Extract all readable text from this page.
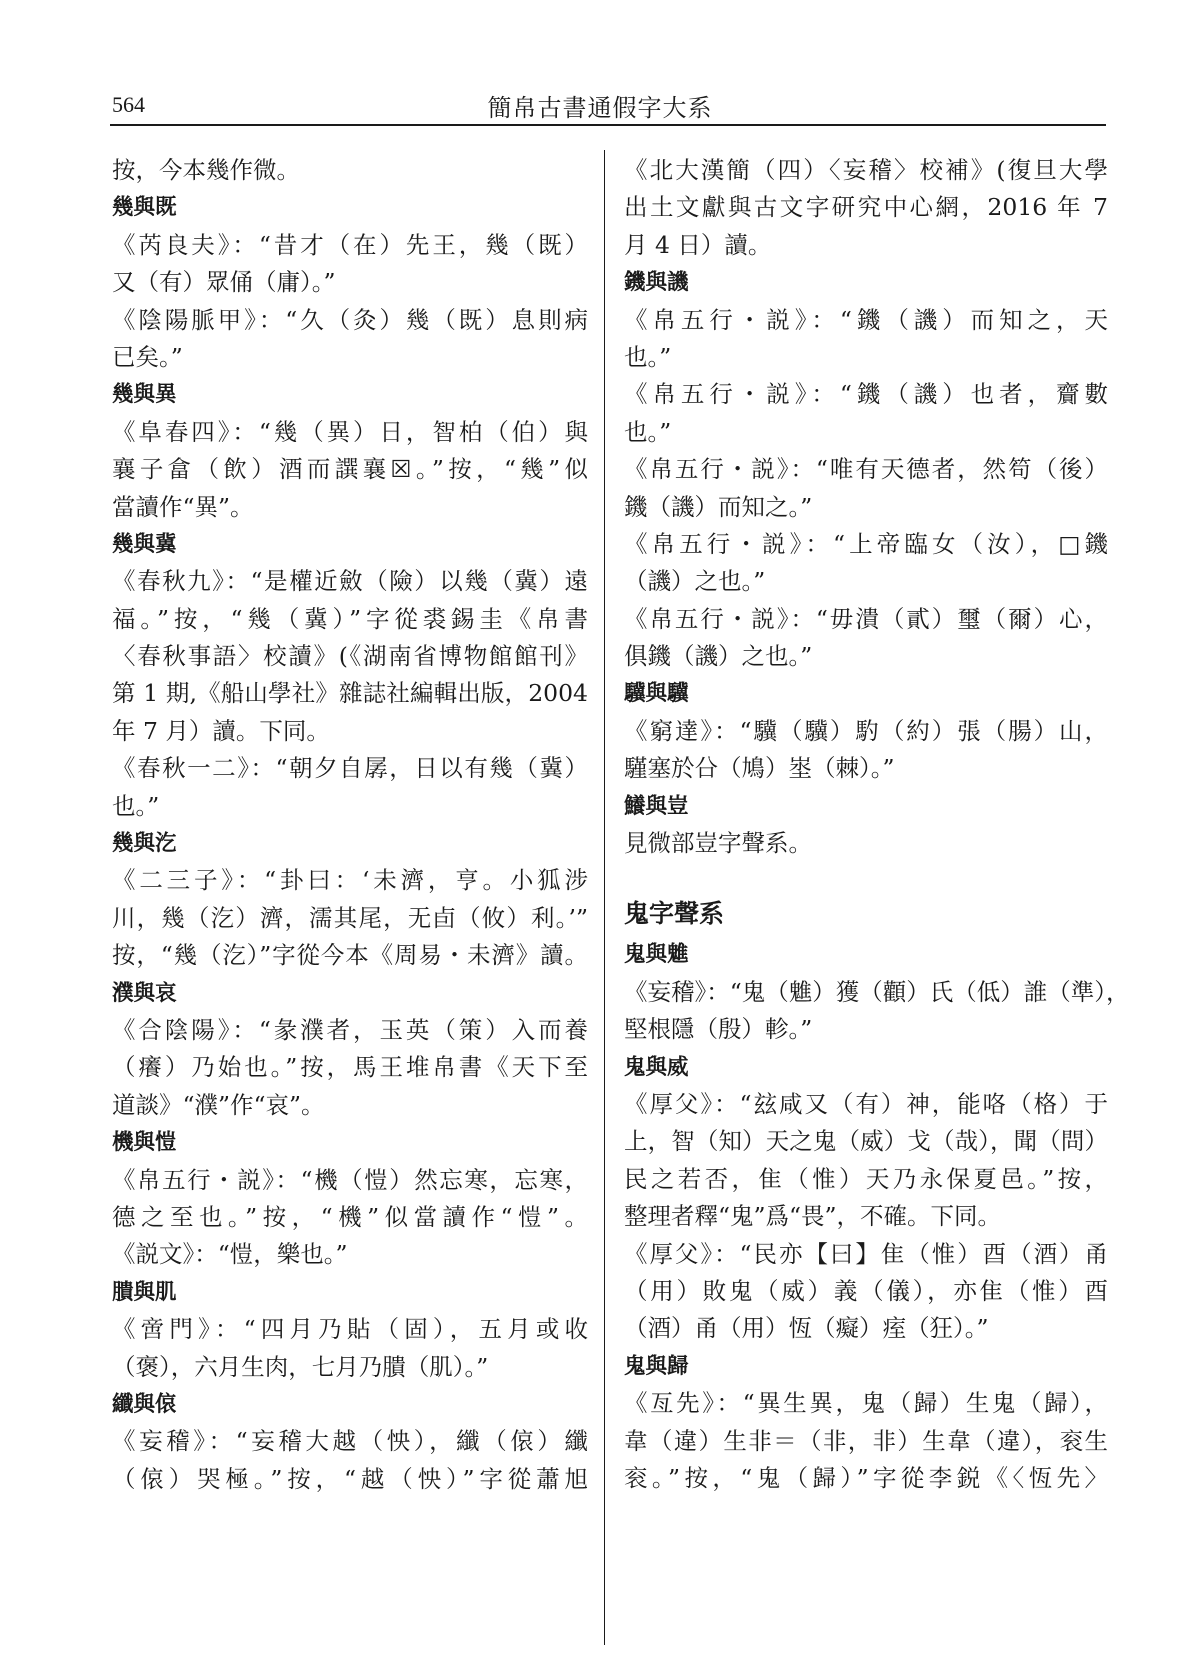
564	簡帛古書通假字大系
按，今本幾作微。
幾與既
《芮良夫》：“昔才（在）先王，幾（既）
又（有）眾俑（庸）。”
《陰陽脈甲》：“久（灸）幾（既）息則病
已矣。”
幾與異
《阜春四》：“幾（異）日，智柏（伯）與
襄子畣（飲）酒而譔襄☒。”按，“幾”似
當讀作“異”。
幾與冀
《春秋九》：“是權近斂（險）以幾（冀）遠
福。”按，“幾（冀）”字從裘錫圭《帛書
〈春秋事語〉校讀》(《湖南省博物館館刊》
第 1 期,《船山學社》雜誌社編輯出版，2004
年 7 月）讀。下同。
《春秋一二》：“朝夕自孱，日以有幾（冀）
也。”
幾與汔
《二三子》：“卦曰：‘未濟，亨。小狐涉
川，幾（汔）濟，濡其尾，无卣（攸）利。’”
按，“幾（汔）”字從今本《周易・未濟》讀。
濮與哀
《合陰陽》：“彖濮者，玉英（策）入而養
（癢）乃始也。”按，馬王堆帛書《天下至
道談》“濮”作“哀”。
機與愷
《帛五行・説》：“機（愷）然忘寒，忘寒，
德之至也。”按，“機”似當讀作“愷”。
《説文》：“愷，樂也。”
膭與肌
《啻門》：“四月乃貼（固），五月或收
（褒），六月生肉，七月乃膭（肌）。”
纖與偯
《妄稽》：“妄稽大越（怏），纖（偯）纖
（偯）哭極。”按，“越（怏）”字從蕭旭
《北大漢簡（四）〈妄稽〉校補》(復旦大學
出土文獻與古文字研究中心網，2016 年 7
月 4 日）讀。
鐖與譏
《帛五行・説》：“鐖（譏）而知之，天
也。”
《帛五行・説》：“鐖（譏）也者，齎數
也。”
《帛五行・説》：“唯有天德者，然笱（後）
鐖（譏）而知之。”
《帛五行・説》：“上帝臨女（汝），□鐖
（譏）之也。”
《帛五行・説》：“毋潰（貳）璽（爾）心，
俱鐖（譏）之也。”
驥與驥
《窮達》：“驥（驥）馰（約）張（腸）山，
騹塞於㕣（鳩）埊（棘）。”
鱶與豈
見微部豈字聲系。
鬼字聲系
鬼與魋
《妄稽》：“鬼（魋）獲（顴）氏（低）誰（準），
堅根隱（殷）軫。”
鬼與威
《厚父》：“玆咸又（有）神，能咯（格）于
上，智（知）天之鬼（威）戈（哉），聞（問）
民之若否，隹（惟）天乃永保夏邑。”按，
整理者釋“鬼”爲“畏”，不確。下同。
《厚父》：“民亦【曰】隹（惟）酉（酒）甬
（用）敗鬼（威）義（儀），亦隹（惟）酉
（酒）甬（用）恆（癡）痓（狂）。”
鬼與歸
《亙先》：“異生異，鬼（歸）生鬼（歸），
韋（違）生非＝（非，非）生韋（違），衮生
衮。”按，“鬼（歸）”字從李鋭《〈恆先〉
